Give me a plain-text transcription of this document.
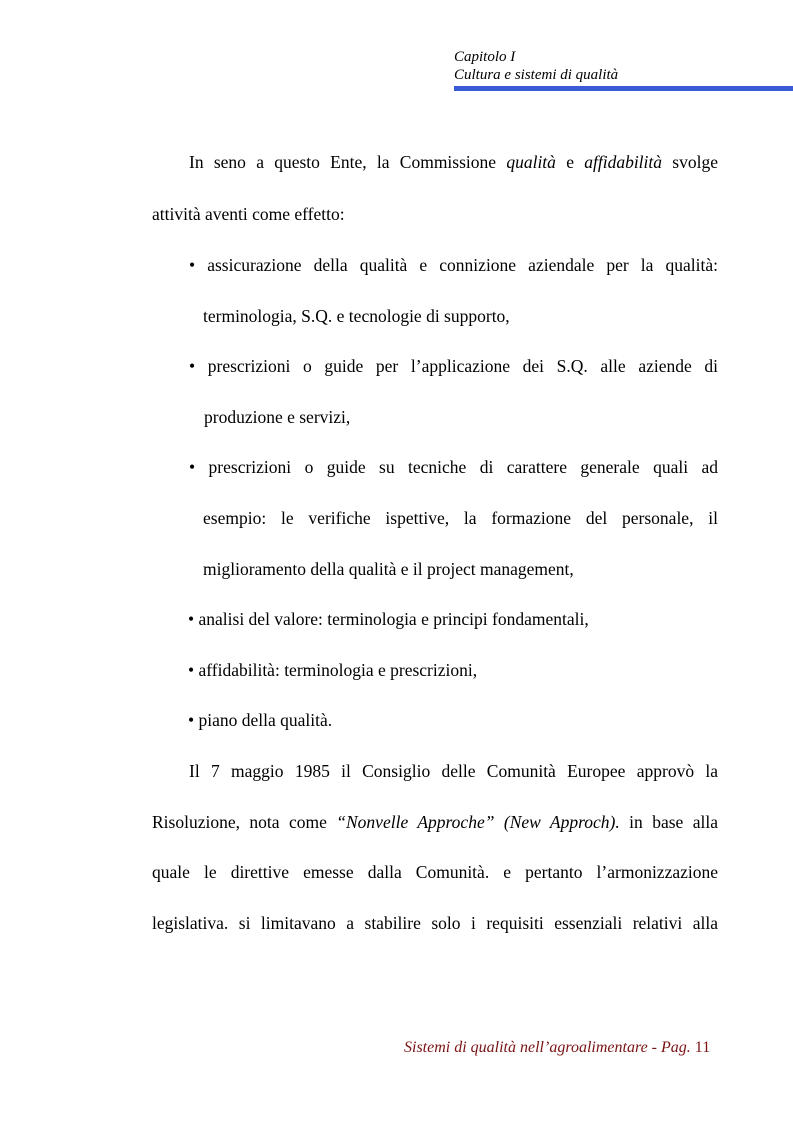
Capitolo I
Cultura e sistemi di qualità
In seno a questo Ente, la Commissione qualità e affidabilità svolge
attività aventi come effetto:
• assicurazione della qualità e connizione aziendale per la qualità:
terminologia, S.Q. e tecnologie di supporto,
• prescrizioni o guide per l’applicazione dei S.Q. alle aziende di
produzione e servizi,
• prescrizioni o guide su tecniche di carattere generale quali ad
esempio: le verifiche ispettive, la formazione del personale, il
miglioramento della qualità e il project management,
• analisi del valore: terminologia e principi fondamentali,
• affidabilità: terminologia e prescrizioni,
• piano della qualità.
Il 7 maggio 1985 il Consiglio delle Comunità Europee approvò la
Risoluzione, nota come “Nonvelle Approche” (New Approch). in base alla
quale le direttive emesse dalla Comunità. e pertanto l’armonizzazione
legislativa. si limitavano a stabilire solo i requisiti essenziali relativi alla
Sistemi di qualità nell’agroalimentare - Pag. 11
